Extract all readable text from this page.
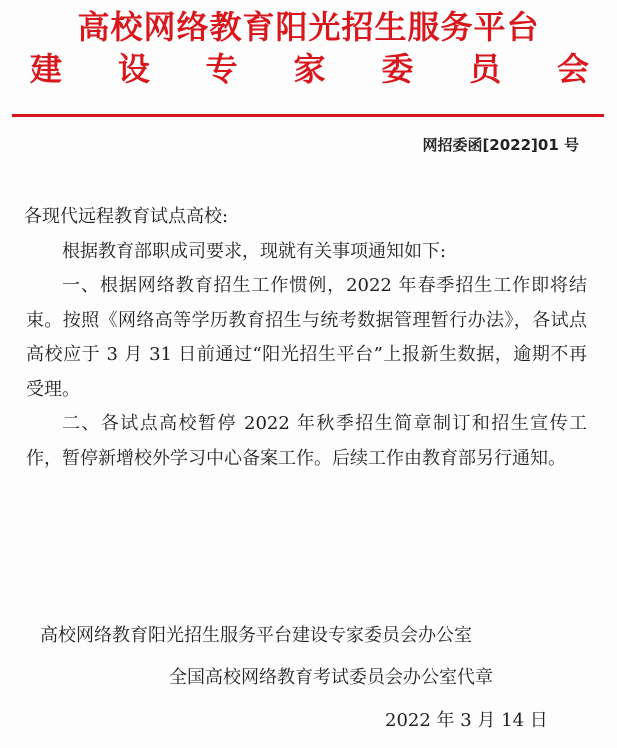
高校网络教育阳光招生服务平台
建 设 专 家 委 员 会
网招委函[2022]01 号
各现代远程教育试点高校:
根据教育部职成司要求，现就有关事项通知如下:
一、根据网络教育招生工作惯例，2022 年春季招生工作即将结束。按照《网络高等学历教育招生与统考数据管理暂行办法》，各试点高校应于 3 月 31 日前通过“阳光招生平台”上报新生数据，逾期不再受理。
二、各试点高校暂停 2022 年秋季招生简章制订和招生宣传工作，暂停新增校外学习中心备案工作。后续工作由教育部另行通知。
高校网络教育阳光招生服务平台建设专家委员会办公室
全国高校网络教育考试委员会办公室代章
2022 年 3 月 14 日
